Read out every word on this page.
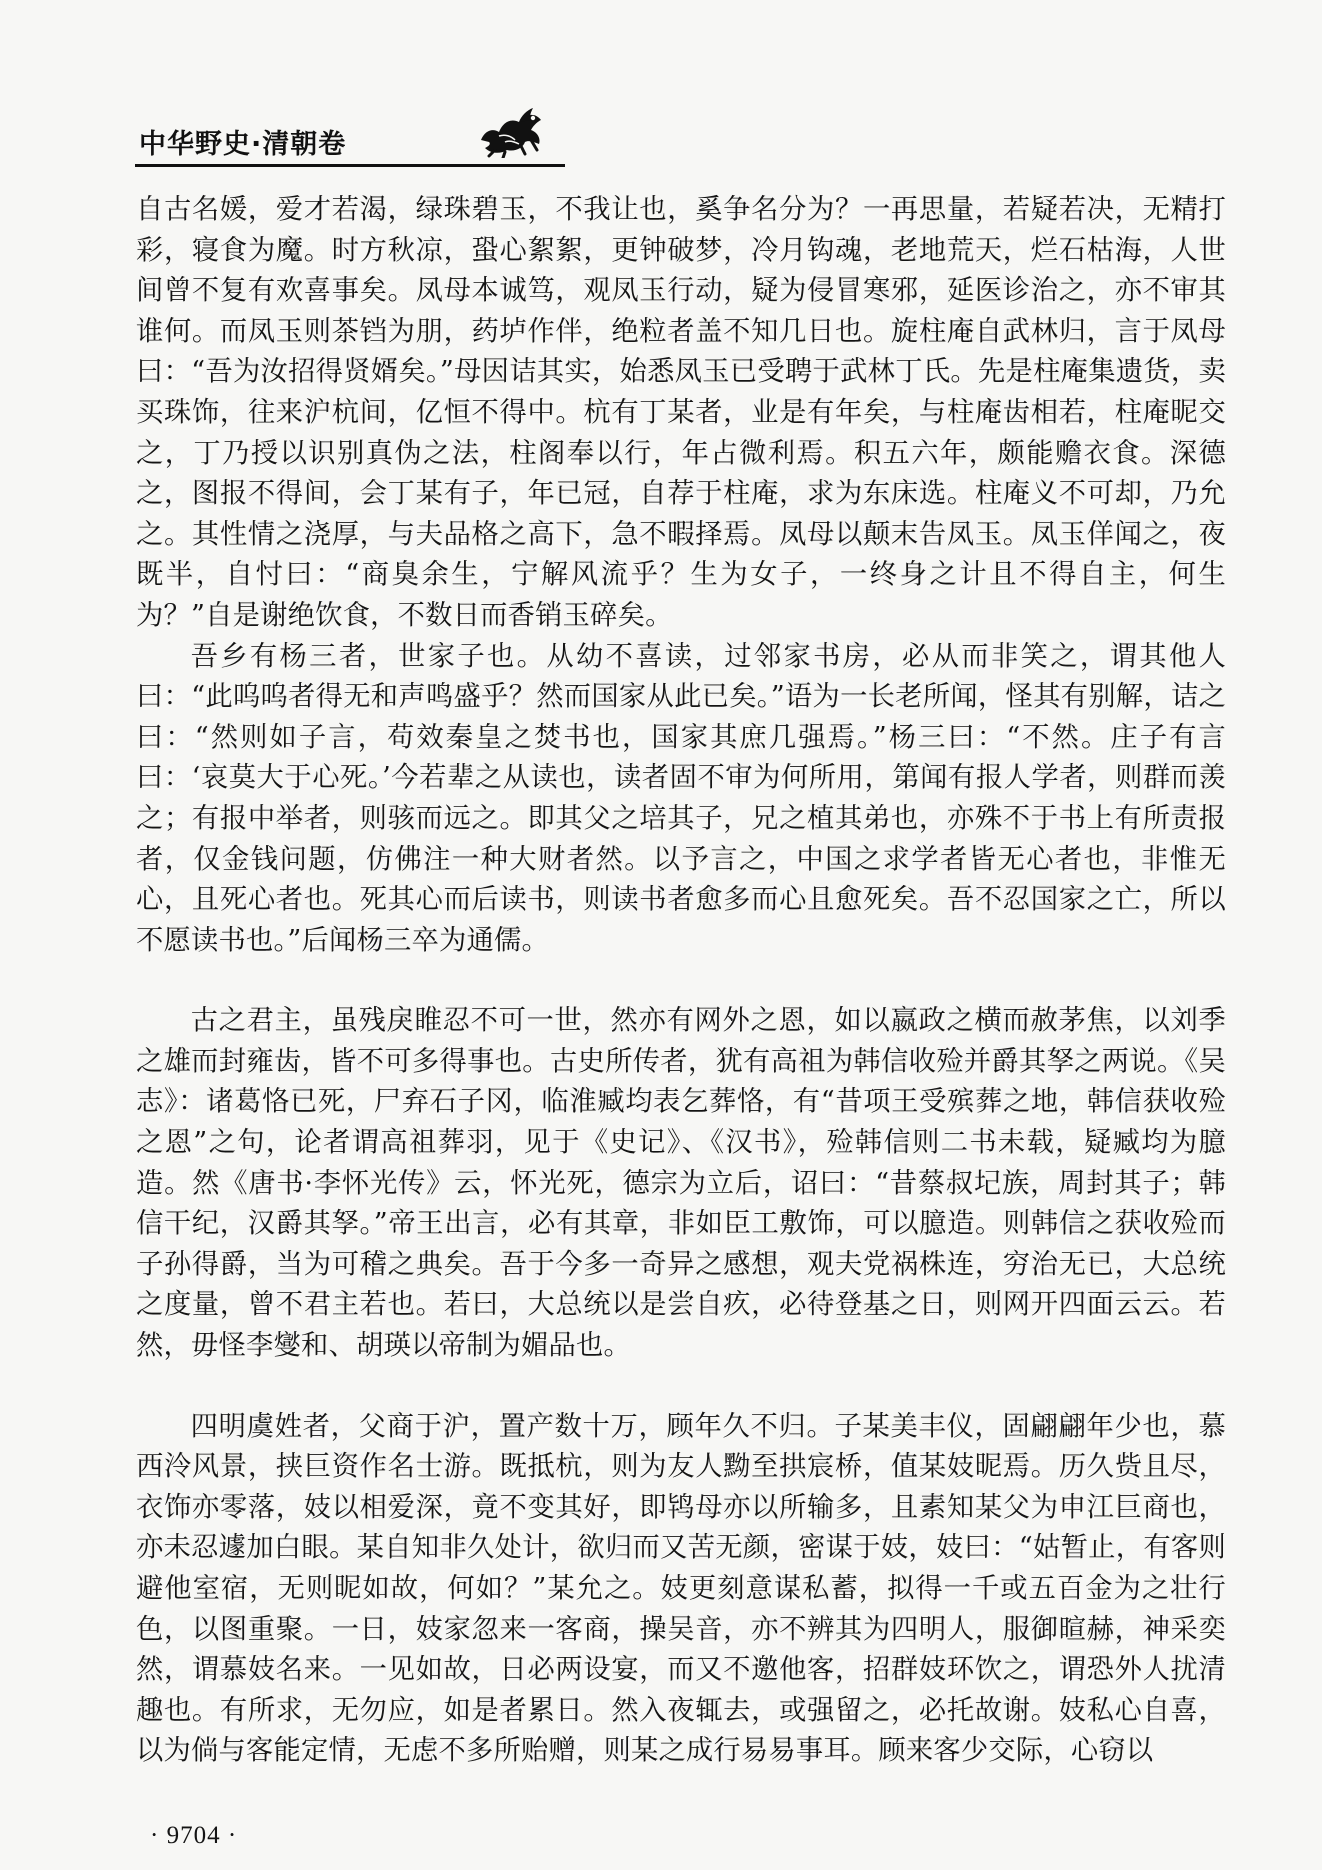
中华野史·清朝卷

自古名媛，爱才若渴，绿珠碧玉，不我让也，奚争名分为？一再思量，若疑若决，无精打彩，寝食为魔。时方秋凉，蛩心絮絮，更钟破梦，冷月钩魂，老地荒天，烂石枯海，人世间曾不复有欢喜事矣。凤母本诚笃，观凤玉行动，疑为侵冒寒邪，延医诊治之，亦不审其谁何。而凤玉则茶铛为朋，药垆作伴，绝粒者盖不知几日也。旋柱庵自武林归，言于凤母曰：“吾为汝招得贤婿矣。”母因诘其实，始悉凤玉已受聘于武林丁氏。先是柱庵集遗货，卖买珠饰，往来沪杭间，亿恒不得中。杭有丁某者，业是有年矣，与柱庵齿相若，柱庵昵交之，丁乃授以识别真伪之法，柱阁奉以行，年占微利焉。积五六年，颇能赡衣食。深德之，图报不得间，会丁某有子，年已冠，自荐于柱庵，求为东床选。柱庵义不可却，乃允之。其性情之浇厚，与夫品格之高下，急不暇择焉。凤母以颠末告凤玉。凤玉佯闻之，夜既半，自忖曰：“商臭余生，宁解风流乎？生为女子，一终身之计且不得自主，何生为？”自是谢绝饮食，不数日而香销玉碎矣。

吾乡有杨三者，世家子也。从幼不喜读，过邻家书房，必从而非笑之，谓其他人曰：“此呜呜者得无和声鸣盛乎？然而国家从此已矣。”语为一长老所闻，怪其有别解，诘之曰：“然则如子言，苟效秦皇之焚书也，国家其庶几强焉。”杨三曰：“不然。庄子有言曰：‘哀莫大于心死。’今若辈之从读也，读者固不审为何所用，第闻有报人学者，则群而羡之；有报中举者，则骇而远之。即其父之培其子，兄之植其弟也，亦殊不于书上有所责报者，仅金钱问题，仿佛注一种大财者然。以予言之，中国之求学者皆无心者也，非惟无心，且死心者也。死其心而后读书，则读书者愈多而心且愈死矣。吾不忍国家之亡，所以不愿读书也。”后闻杨三卒为通儒。

古之君主，虽残戾睢忍不可一世，然亦有网外之恩，如以嬴政之横而赦茅焦，以刘季之雄而封雍齿，皆不可多得事也。古史所传者，犹有高祖为韩信收殓并爵其孥之两说。《吴志》：诸葛恪已死，尸弃石子冈，临淮臧均表乞葬恪，有“昔项王受殡葬之地，韩信获收殓之恩”之句，论者谓高祖葬羽，见于《史记》、《汉书》，殓韩信则二书未载，疑臧均为臆造。然《唐书·李怀光传》云，怀光死，德宗为立后，诏曰：“昔蔡叔圮族，周封其子；韩信干纪，汉爵其孥。”帝王出言，必有其章，非如臣工敷饰，可以臆造。则韩信之获收殓而子孙得爵，当为可稽之典矣。吾于今多一奇异之感想，观夫党祸株连，穷治无已，大总统之度量，曾不君主若也。若曰，大总统以是尝自疚，必待登基之日，则网开四面云云。若然，毋怪李燮和、胡瑛以帝制为媚品也。

四明虞姓者，父商于沪，置产数十万，顾年久不归。子某美丰仪，固翩翩年少也，慕西泠风景，挟巨资作名士游。既抵杭，则为友人黝至拱宸桥，值某妓昵焉。历久赀且尽，衣饰亦零落，妓以相爱深，竟不变其好，即鸨母亦以所输多，且素知某父为申江巨商也，亦未忍遽加白眼。某自知非久处计，欲归而又苦无颜，密谋于妓，妓曰：“姑暂止，有客则避他室宿，无则昵如故，何如？”某允之。妓更刻意谋私蓄，拟得一千或五百金为之壮行色，以图重聚。一日，妓家忽来一客商，操吴音，亦不辨其为四明人，服御暄赫，神采奕然，谓慕妓名来。一见如故，日必两设宴，而又不邀他客，招群妓环饮之，谓恐外人扰清趣也。有所求，无勿应，如是者累日。然入夜辄去，或强留之，必托故谢。妓私心自喜，以为倘与客能定情，无虑不多所贻赠，则某之成行易易事耳。顾来客少交际，心窃以

· 9704 ·
